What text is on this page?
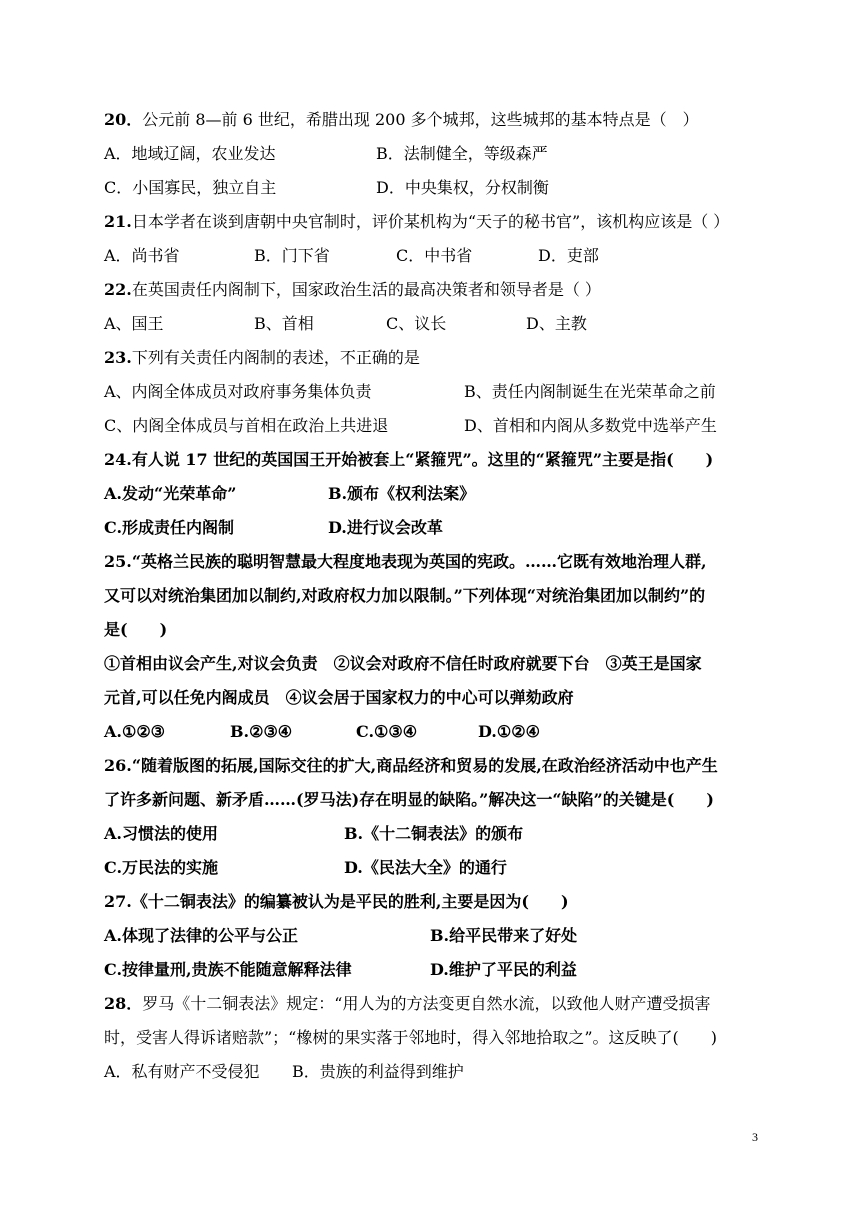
20．公元前 8—前 6 世纪，希腊出现 200 多个城邦，这些城邦的基本特点是（　）
A．地域辽阔，农业发达	B．法制健全，等级森严
C．小国寡民，独立自主	D．中央集权，分权制衡
21.日本学者在谈到唐朝中央官制时，评价某机构为“天子的秘书官”，该机构应该是（ ）
A．尚书省	B．门下省	C．中书省	D．吏部
22.在英国责任内阁制下，国家政治生活的最高决策者和领导者是（ ）
A、国王	B、首相	C、议长	D、主教
23.下列有关责任内阁制的表述，不正确的是
A、内阁全体成员对政府事务集体负责	B、责任内阁制诞生在光荣革命之前
C、内阁全体成员与首相在政治上共进退	D、首相和内阁从多数党中选举产生
24.有人说 17 世纪的英国国王开始被套上“紧箍咒”。这里的“紧箍咒”主要是指(　　)
A.发动“光荣革命”	B.颁布《权利法案》
C.形成责任内阁制	D.进行议会改革
25.“英格兰民族的聪明智慧最大程度地表现为英国的宪政。……它既有效地治理人群,
又可以对统治集团加以制约,对政府权力加以限制。”下列体现“对统治集团加以制约”的
是(　　)
①首相由议会产生,对议会负责　②议会对政府不信任时政府就要下台　③英王是国家
元首,可以任免内阁成员　④议会居于国家权力的中心可以弹劾政府
A.①②③	B.②③④	C.①③④	D.①②④
26.“随着版图的拓展,国际交往的扩大,商品经济和贸易的发展,在政治经济活动中也产生
了许多新问题、新矛盾……(罗马法)存在明显的缺陷。”解决这一“缺陷”的关键是(　　)
A.习惯法的使用	B.《十二铜表法》的颁布
C.万民法的实施	D.《民法大全》的通行
27.《十二铜表法》的编纂被认为是平民的胜利,主要是因为(　　)
A.体现了法律的公平与公正	B.给平民带来了好处
C.按律量刑,贵族不能随意解释法律	D.维护了平民的利益
28．罗马《十二铜表法》规定：“用人为的方法变更自然水流，以致他人财产遭受损害
时，受害人得诉诸赔款”；“橡树的果实落于邻地时，得入邻地拾取之”。这反映了(　　)
A．私有财产不受侵犯 B．贵族的利益得到维护
3
